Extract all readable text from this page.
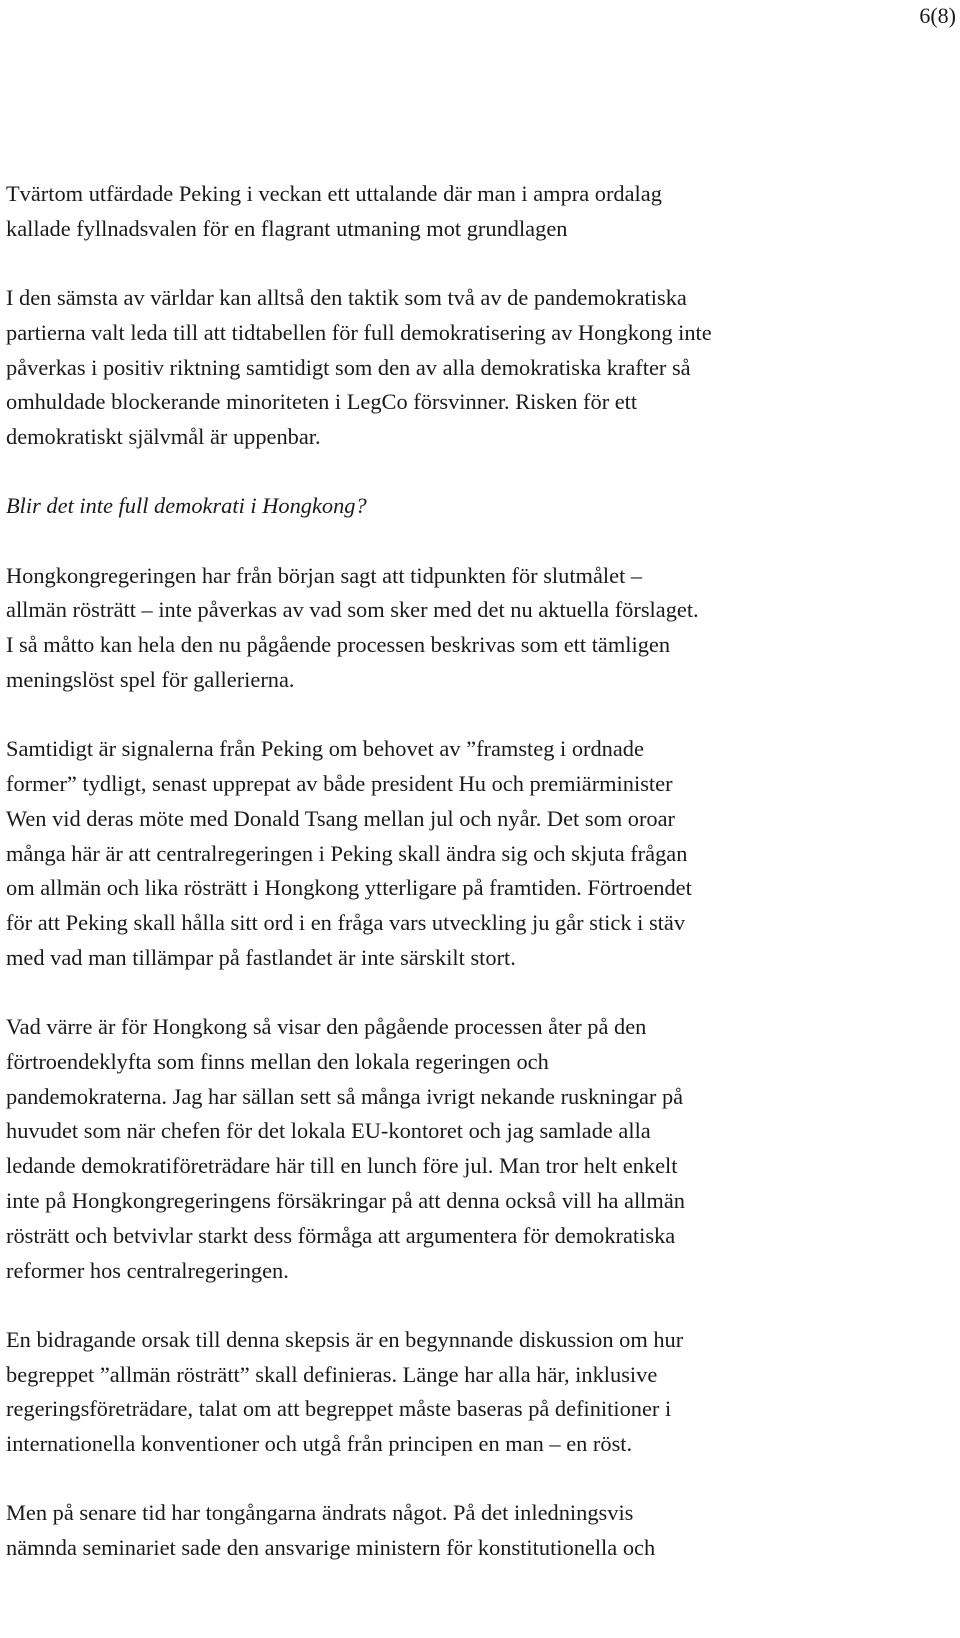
6(8)

Tvärtom utfärdade Peking i veckan ett uttalande där man i ampra ordalag
kallade fyllnadsvalen för en flagrant utmaning mot grundlagen

I den sämsta av världar kan alltså den taktik som två av de pandemokratiska
partierna valt leda till att tidtabellen för full demokratisering av Hongkong inte
påverkas i positiv riktning samtidigt som den av alla demokratiska krafter så
omhuldade blockerande minoriteten i LegCo försvinner. Risken för ett
demokratiskt självmål är uppenbar.

Blir det inte full demokrati i Hongkong?

Hongkongregeringen har från början sagt att tidpunkten för slutmålet –
allmän rösträtt – inte påverkas av vad som sker med det nu aktuella förslaget.
I så måtto kan hela den nu pågående processen beskrivas som ett tämligen
meningslöst spel för gallerierna.

Samtidigt är signalerna från Peking om behovet av ”framsteg i ordnade
former” tydligt, senast upprepat av både president Hu och premiärminister
Wen vid deras möte med Donald Tsang mellan jul och nyår. Det som oroar
många här är att centralregeringen i Peking skall ändra sig och skjuta frågan
om allmän och lika rösträtt i Hongkong ytterligare på framtiden. Förtroendet
för att Peking skall hålla sitt ord i en fråga vars utveckling ju går stick i stäv
med vad man tillämpar på fastlandet är inte särskilt stort.

Vad värre är för Hongkong så visar den pågående processen åter på den
förtroendeklyfta som finns mellan den lokala regeringen och
pandemokraterna. Jag har sällan sett så många ivrigt nekande ruskningar på
huvudet som när chefen för det lokala EU-kontoret och jag samlade alla
ledande demokratiföreträdare här till en lunch före jul. Man tror helt enkelt
inte på Hongkongregeringens försäkringar på att denna också vill ha allmän
rösträtt och betvivlar starkt dess förmåga att argumentera för demokratiska
reformer hos centralregeringen.

En bidragande orsak till denna skepsis är en begynnande diskussion om hur
begreppet ”allmän rösträtt” skall definieras. Länge har alla här, inklusive
regeringsföreträdare, talat om att begreppet måste baseras på definitioner i
internationella konventioner och utgå från principen en man – en röst.

Men på senare tid har tongångarna ändrats något. På det inledningsvis
nämnda seminariet sade den ansvarige ministern för konstitutionella och
